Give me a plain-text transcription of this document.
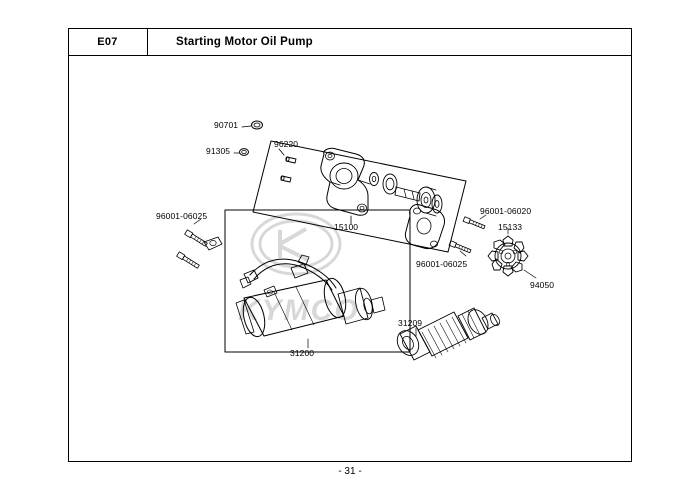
E07	Starting Motor Oil Pump
KYMCO
90701
91305
96220
15100
96001-06025	96001-06020
15133
96001-06025
94050
31200
31209
- 31 -
